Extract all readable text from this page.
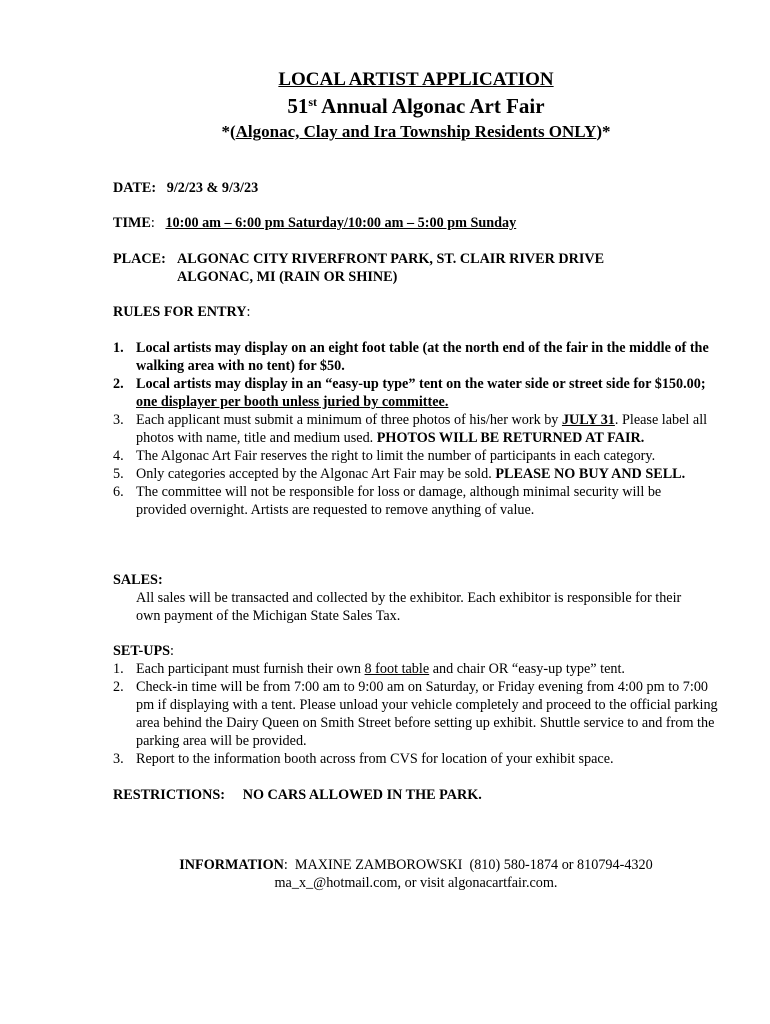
LOCAL ARTIST APPLICATION
51st Annual Algonac Art Fair
*(Algonac, Clay and Ira Township Residents ONLY)*
DATE: 9/2/23 & 9/3/23
TIME: 10:00 am – 6:00 pm Saturday/10:00 am – 5:00 pm Sunday
PLACE: ALGONAC CITY RIVERFRONT PARK, ST. CLAIR RIVER DRIVE
ALGONAC, MI (RAIN OR SHINE)
RULES FOR ENTRY:
1. Local artists may display on an eight foot table (at the north end of the fair in the middle of the walking area with no tent) for $50.
2. Local artists may display in an “easy-up type” tent on the water side or street side for $150.00; one displayer per booth unless juried by committee.
3. Each applicant must submit a minimum of three photos of his/her work by JULY 31. Please label all photos with name, title and medium used. PHOTOS WILL BE RETURNED AT FAIR.
4. The Algonac Art Fair reserves the right to limit the number of participants in each category.
5. Only categories accepted by the Algonac Art Fair may be sold. PLEASE NO BUY AND SELL.
6. The committee will not be responsible for loss or damage, although minimal security will be provided overnight. Artists are requested to remove anything of value.
SALES:
All sales will be transacted and collected by the exhibitor. Each exhibitor is responsible for their own payment of the Michigan State Sales Tax.
SET-UPS:
1. Each participant must furnish their own 8 foot table and chair OR “easy-up type” tent.
2. Check-in time will be from 7:00 am to 9:00 am on Saturday, or Friday evening from 4:00 pm to 7:00 pm if displaying with a tent. Please unload your vehicle completely and proceed to the official parking area behind the Dairy Queen on Smith Street before setting up exhibit. Shuttle service to and from the parking area will be provided.
3. Report to the information booth across from CVS for location of your exhibit space.
RESTRICTIONS: NO CARS ALLOWED IN THE PARK.
INFORMATION:  MAXINE ZAMBOROWSKI  (810) 580-1874 or 810794-4320
ma_x_@hotmail.com, or visit algonacartfair.com.
